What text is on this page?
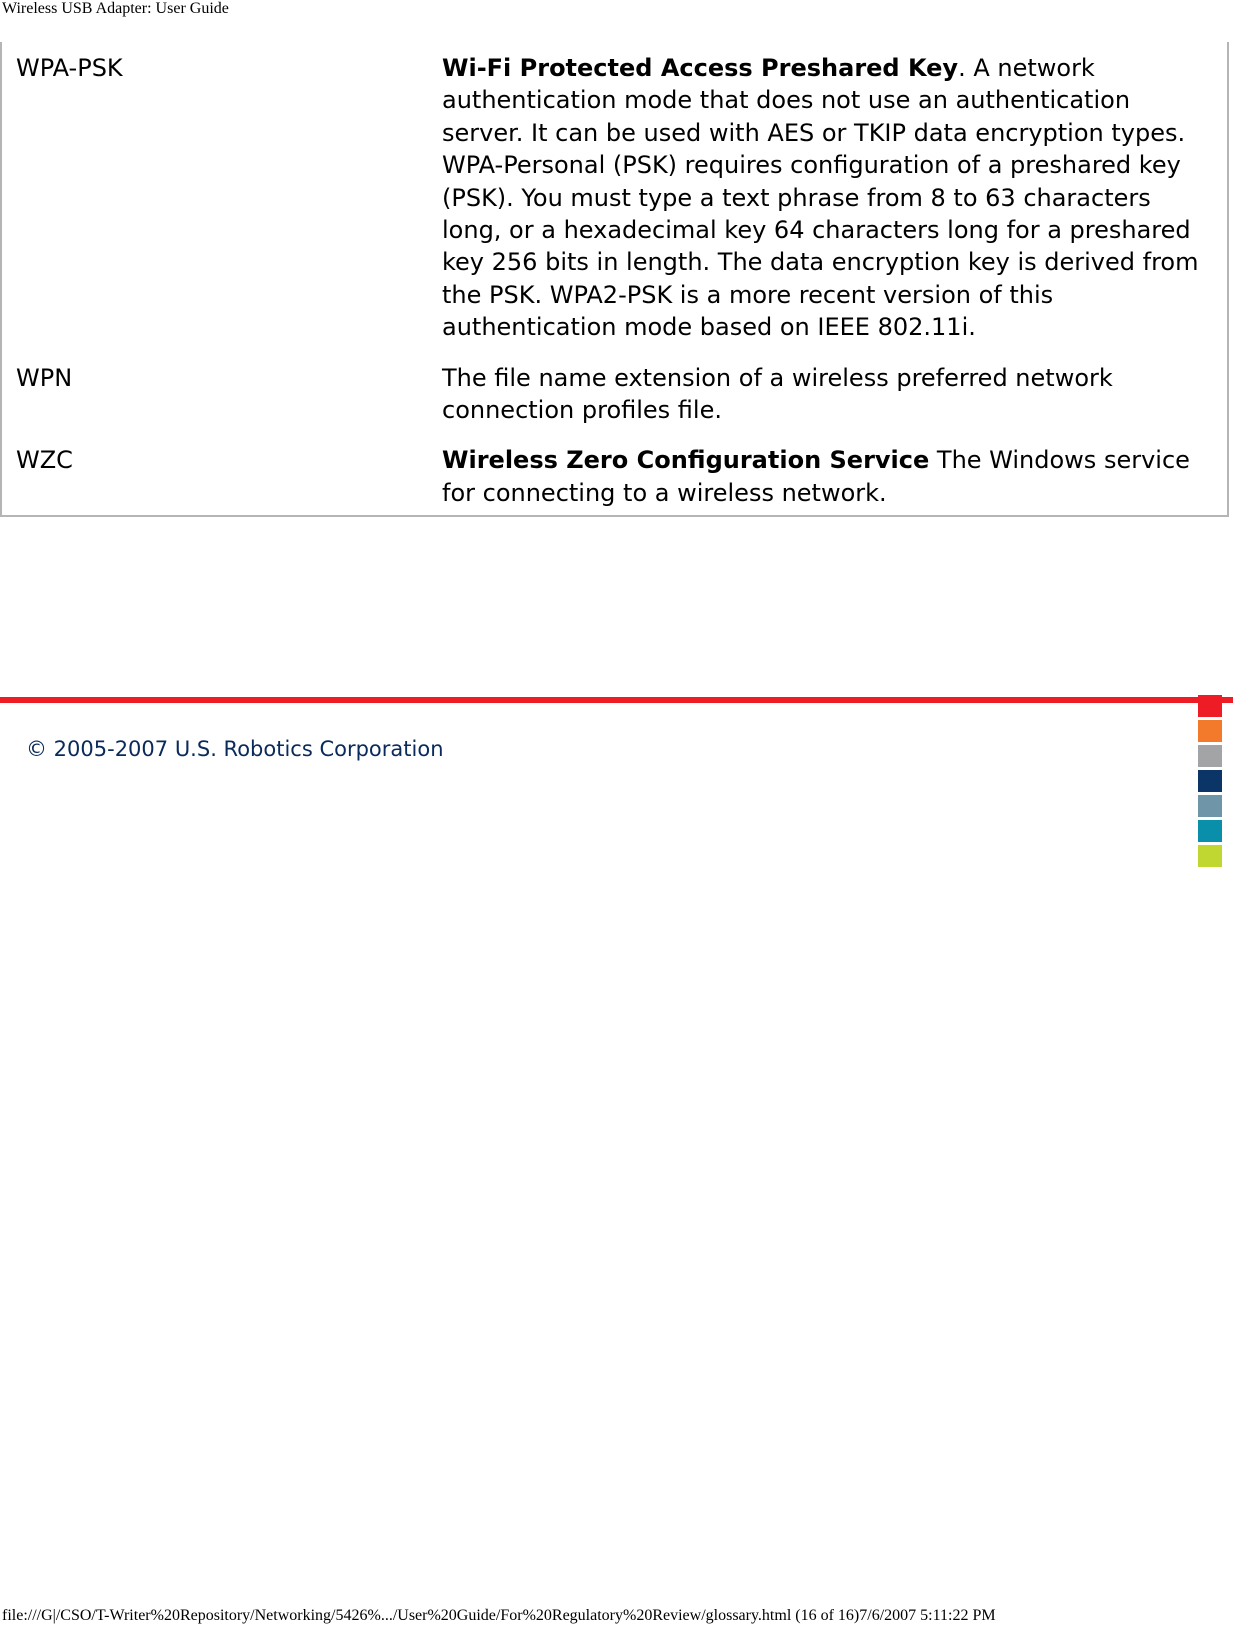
Wireless USB Adapter: User Guide
WPA-PSK	Wi-Fi Protected Access Preshared Key. A network authentication mode that does not use an authentication server. It can be used with AES or TKIP data encryption types. WPA-Personal (PSK) requires configuration of a preshared key (PSK). You must type a text phrase from 8 to 63 characters long, or a hexadecimal key 64 characters long for a preshared key 256 bits in length. The data encryption key is derived from the PSK. WPA2-PSK is a more recent version of this authentication mode based on IEEE 802.11i.
WPN	The file name extension of a wireless preferred network connection profiles file.
WZC	Wireless Zero Configuration Service The Windows service for connecting to a wireless network.
© 2005-2007 U.S. Robotics Corporation
file:///G|/CSO/T-Writer%20Repository/Networking/5426%.../User%20Guide/For%20Regulatory%20Review/glossary.html (16 of 16)7/6/2007 5:11:22 PM
